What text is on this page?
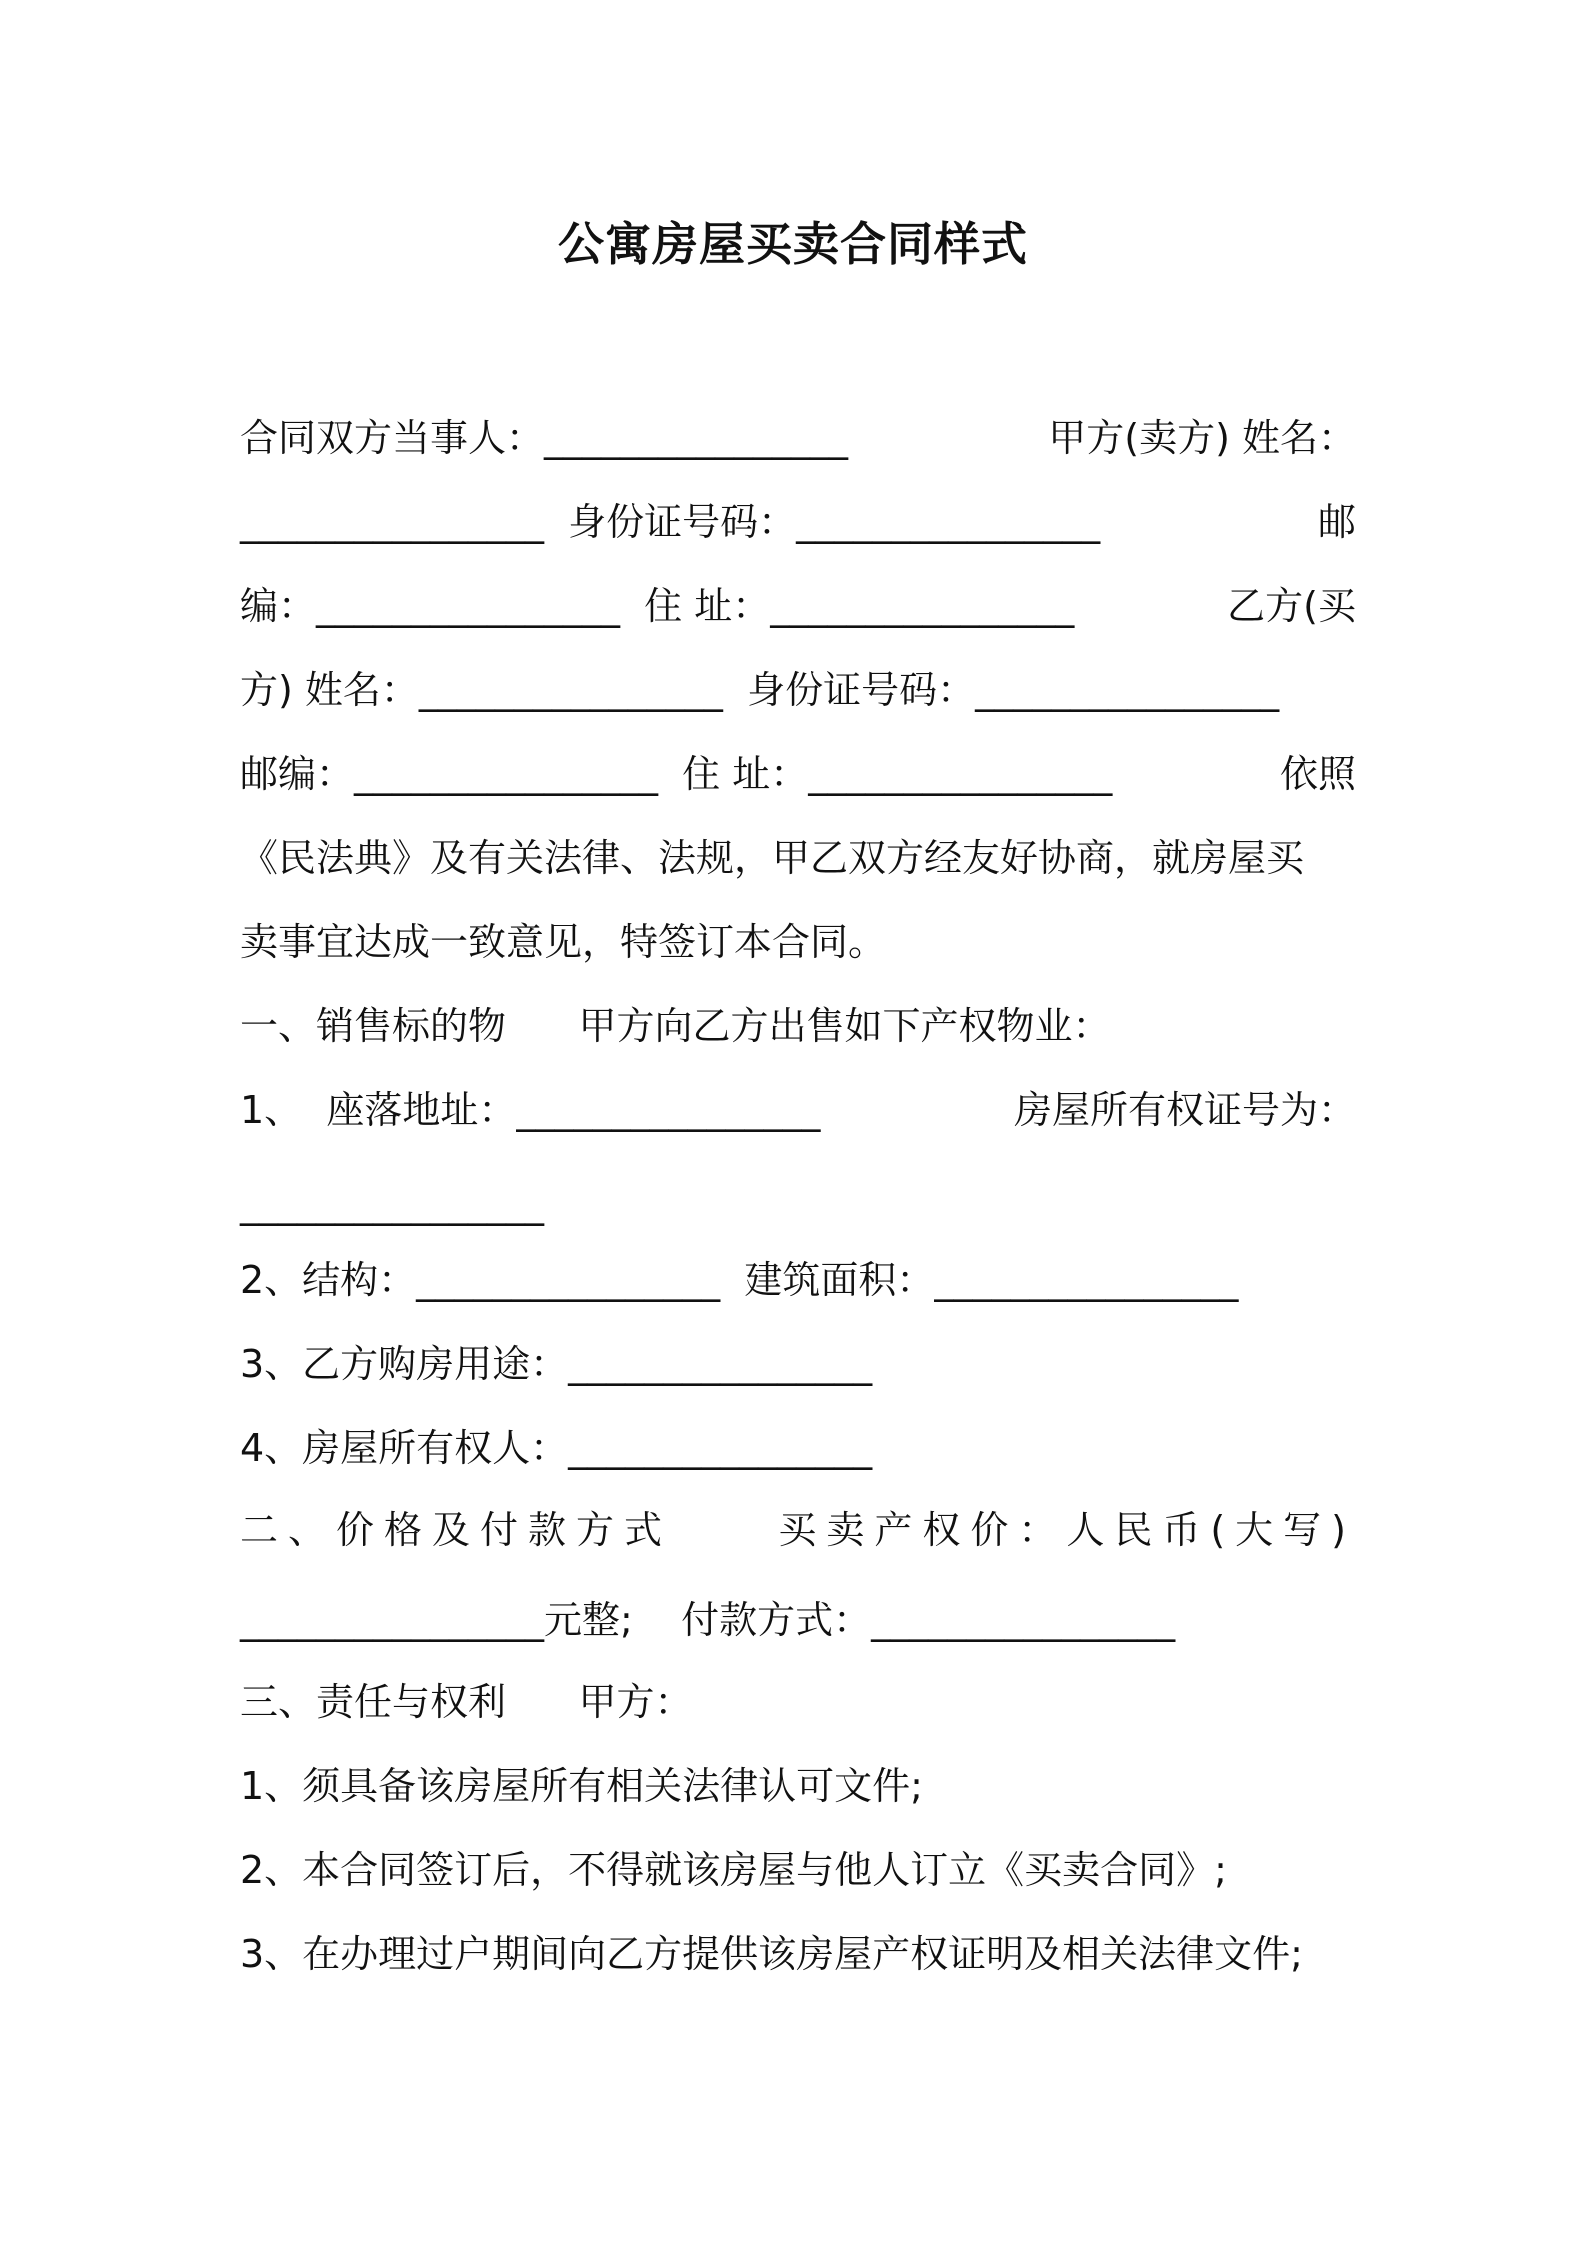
公寓房屋买卖合同样式
合同双方当事人：________________	甲方(卖方) 姓名：
________________  身份证号码：________________	邮
编：________________  住 址：________________	乙方(买
方) 姓名：________________  身份证号码：________________
邮编：________________  住 址：________________	依照
《民法典》及有关法律、法规，甲乙双方经友好协商，就房屋买
卖事宜达成一致意见，特签订本合同。
一、销售标的物      甲方向乙方出售如下产权物业：
1、  座落地址：________________	房屋所有权证号为：
________________
2、结构：________________  建筑面积：________________
3、乙方购房用途：________________
4、房屋所有权人：________________
二、价格及付款方式	买卖产权价：人民币(大写)
________________元整;    付款方式：________________
三、责任与权利      甲方：
1、须具备该房屋所有相关法律认可文件;
2、本合同签订后，不得就该房屋与他人订立《买卖合同》;
3、在办理过户期间向乙方提供该房屋产权证明及相关法律文件;
